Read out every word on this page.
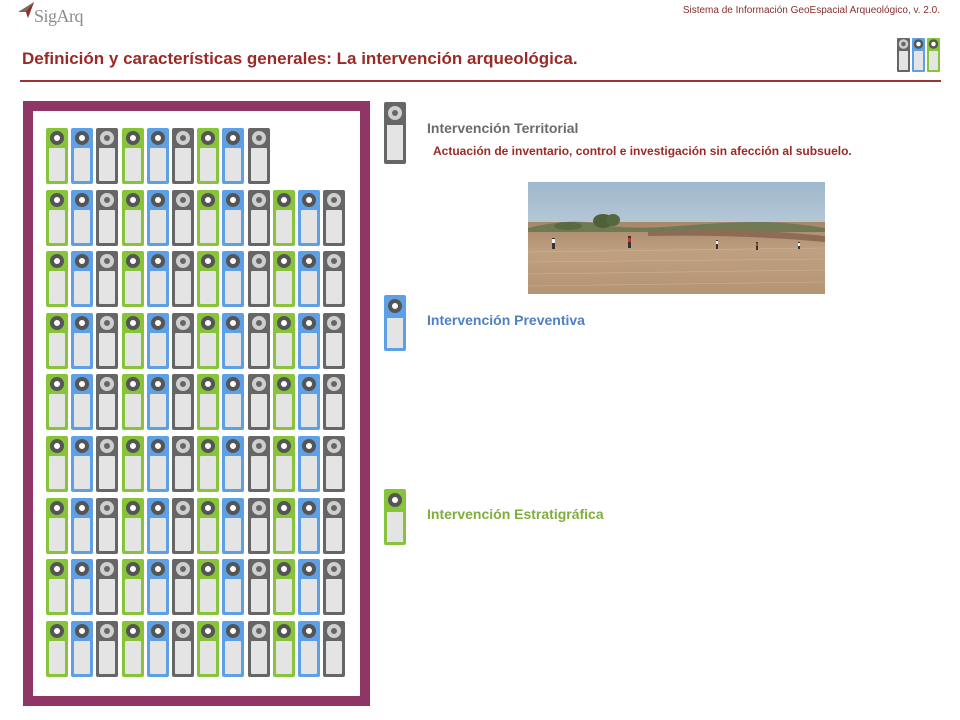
SigArq	Sistema de Información GeoEspacial Arqueológico, v. 2.0.
Definición y características generales: La intervención arqueológica.
Intervención Territorial
Actuación de inventario, control e investigación sin afección al subsuelo.
Intervención Preventiva
Intervención Estratigráfica
